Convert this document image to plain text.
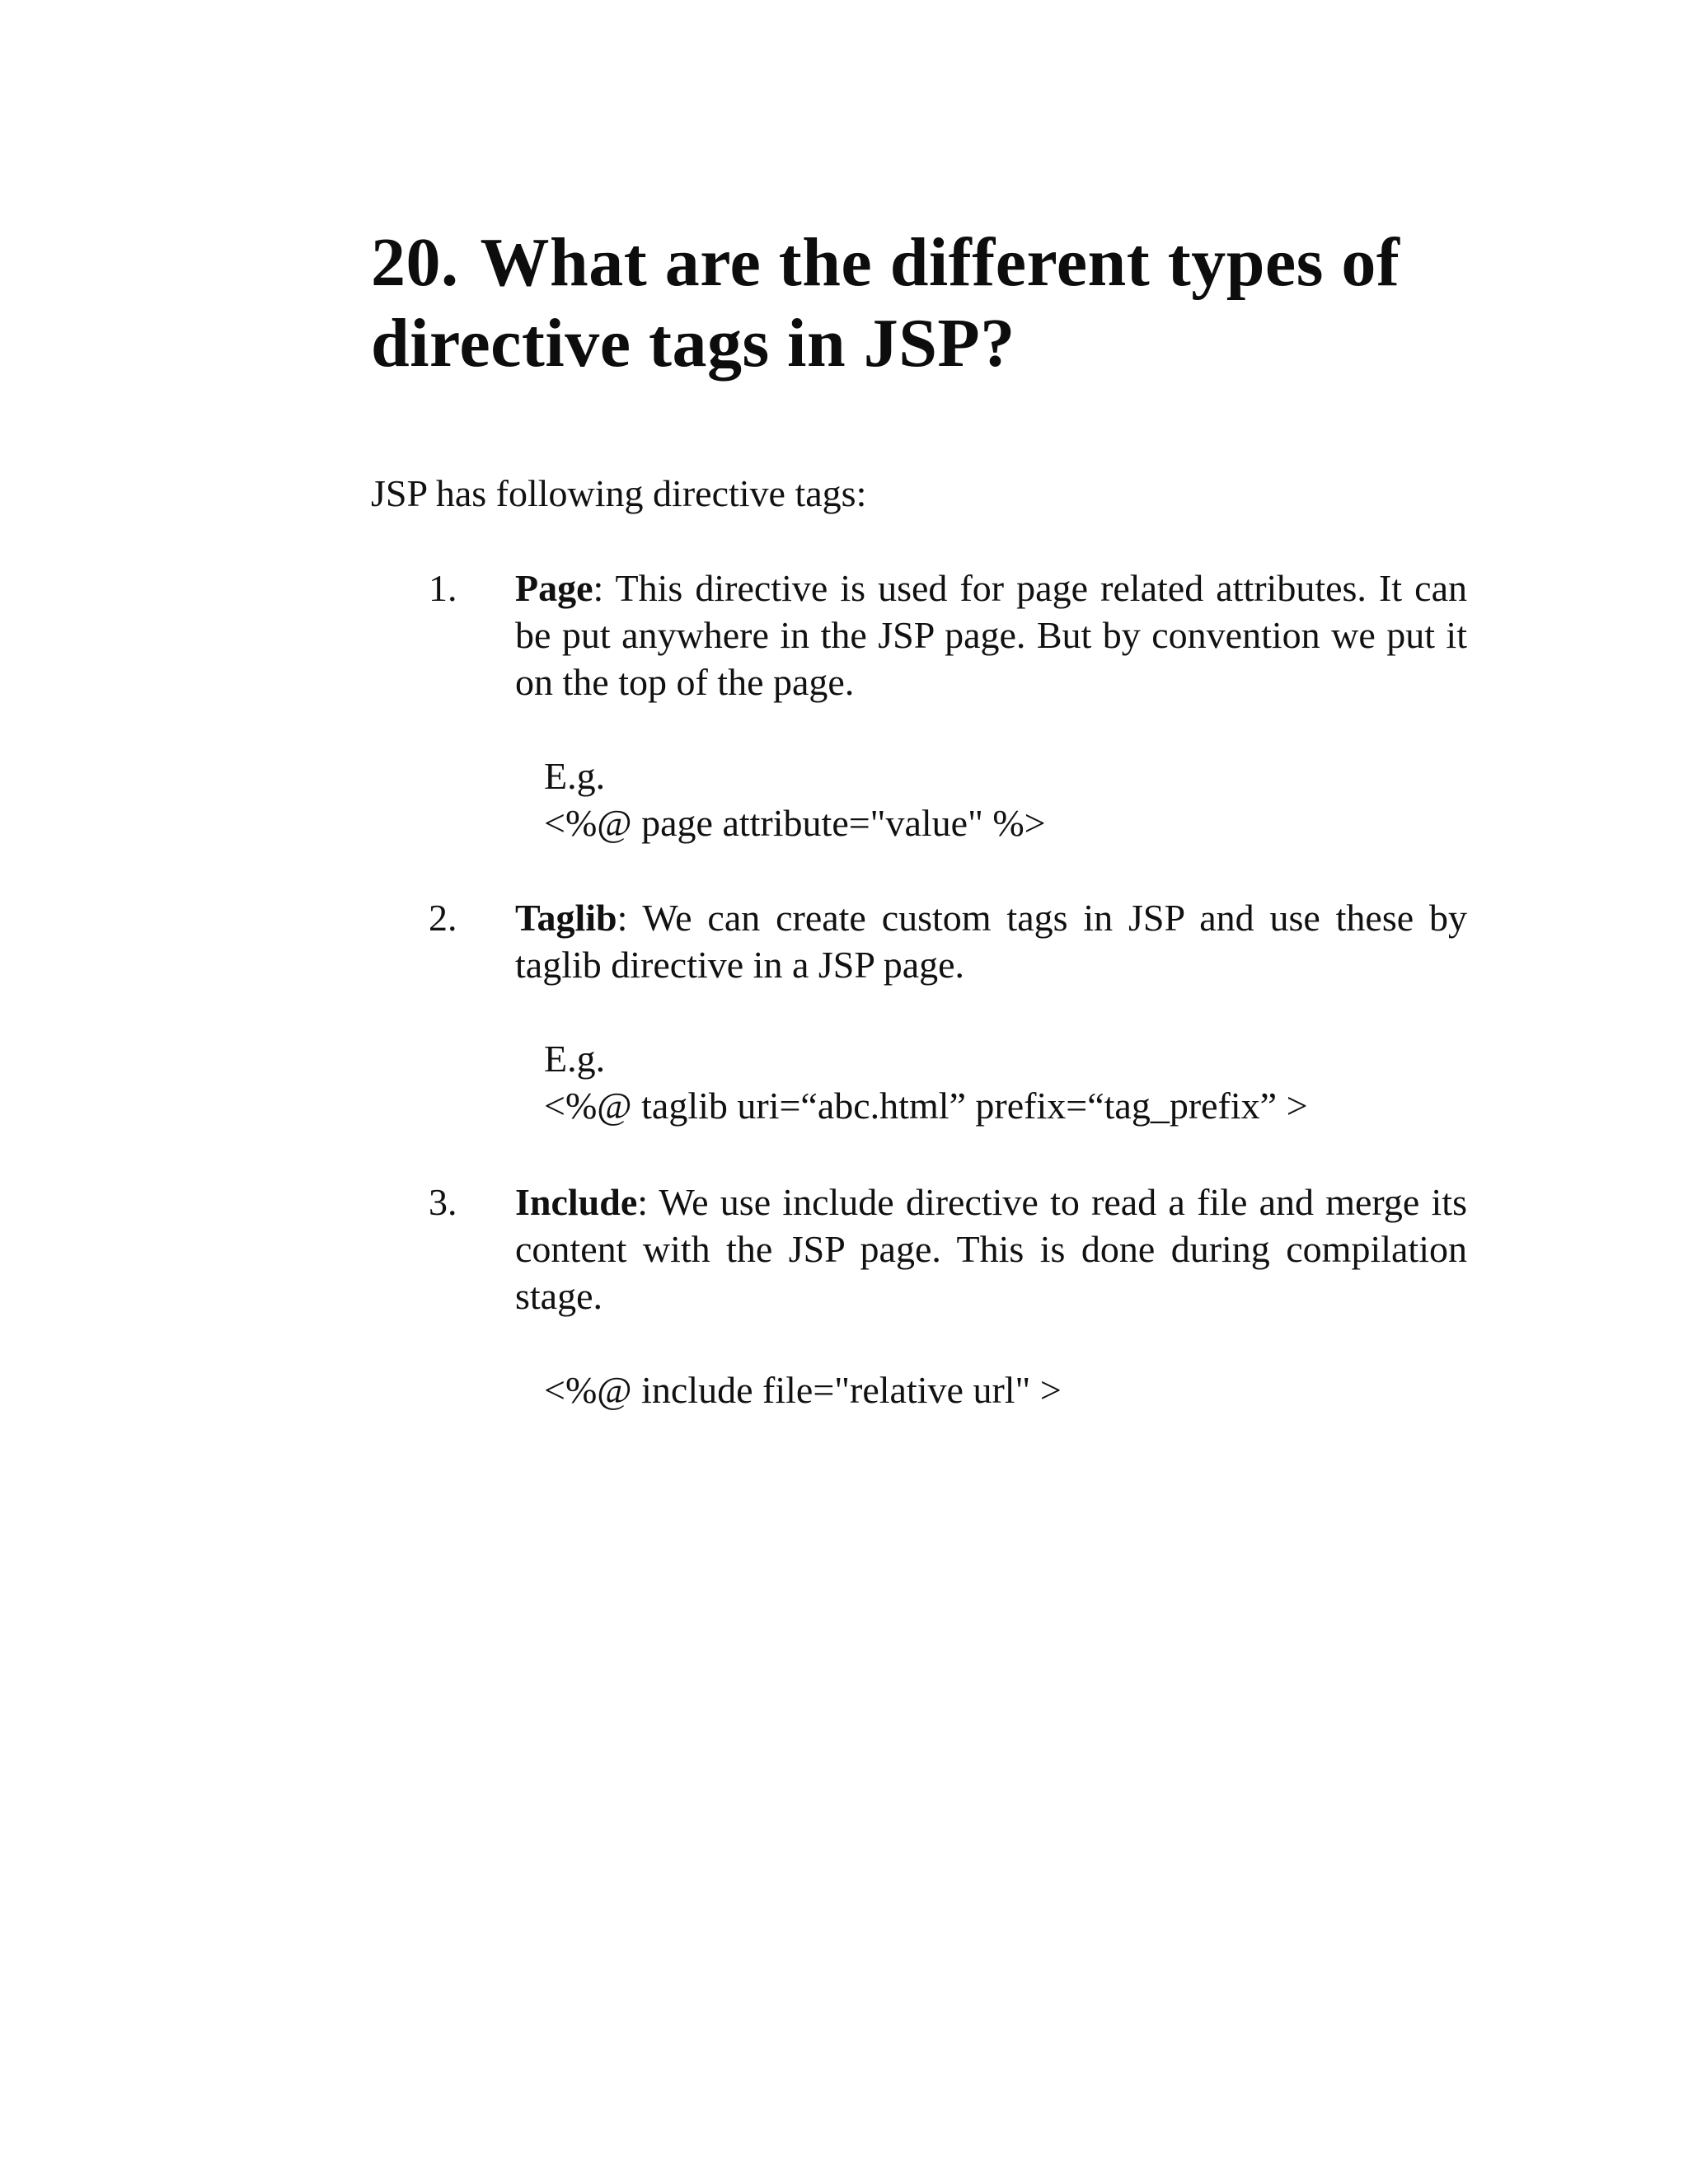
20. What are the different types of
directive tags in JSP?

JSP has following directive tags:

1. Page: This directive is used for page related attributes. It can be put anywhere in the JSP page. But by convention we put it on the top of the page.

E.g.
<%@ page attribute="value" %>
2. Taglib: We can create custom tags in JSP and use these by taglib directive in a JSP page.

E.g.
<%@ taglib uri=“abc.html” prefix=“tag_prefix” >
3. Include: We use include directive to read a file and merge its content with the JSP page. This is done during compilation stage.

<%@ include file="relative url" >
